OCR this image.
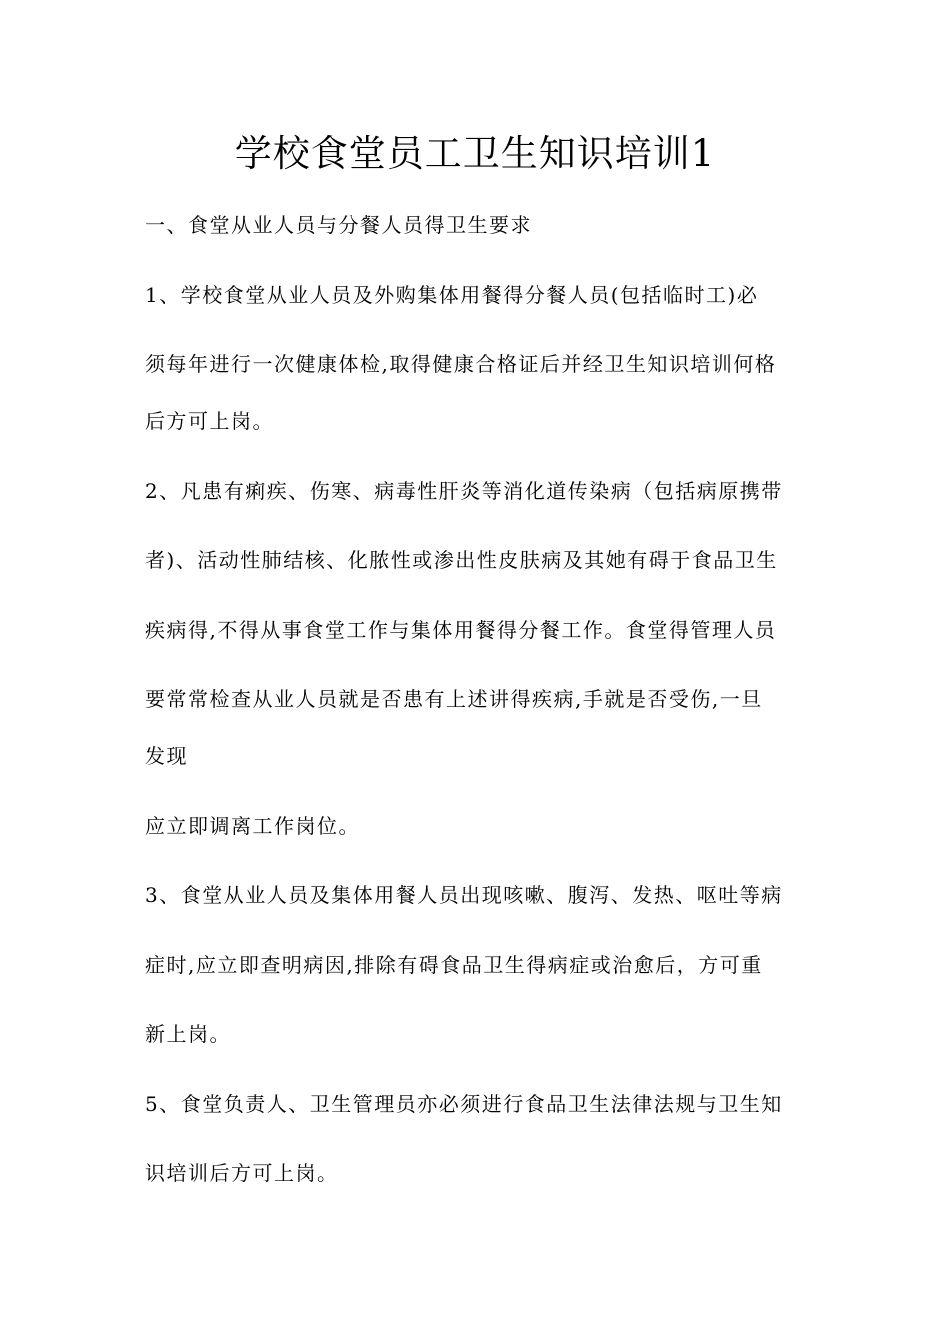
学校食堂员工卫生知识培训1
一、食堂从业人员与分餐人员得卫生要求
1、学校食堂从业人员及外购集体用餐得分餐人员(包括临时工)必
须每年进行一次健康体检,取得健康合格证后并经卫生知识培训何格
后方可上岗。
2、凡患有痢疾、伤寒、病毒性肝炎等消化道传染病（包括病原携带
者)、活动性肺结核、化脓性或渗出性皮肤病及其她有碍于食品卫生
疾病得,不得从事食堂工作与集体用餐得分餐工作。食堂得管理人员
要常常检查从业人员就是否患有上述讲得疾病,手就是否受伤,一旦
发现
应立即调离工作岗位。
3、食堂从业人员及集体用餐人员出现咳嗽、腹泻、发热、呕吐等病
症时,应立即查明病因,排除有碍食品卫生得病症或治愈后，方可重
新上岗。
5、食堂负责人、卫生管理员亦必须进行食品卫生法律法规与卫生知
识培训后方可上岗。
